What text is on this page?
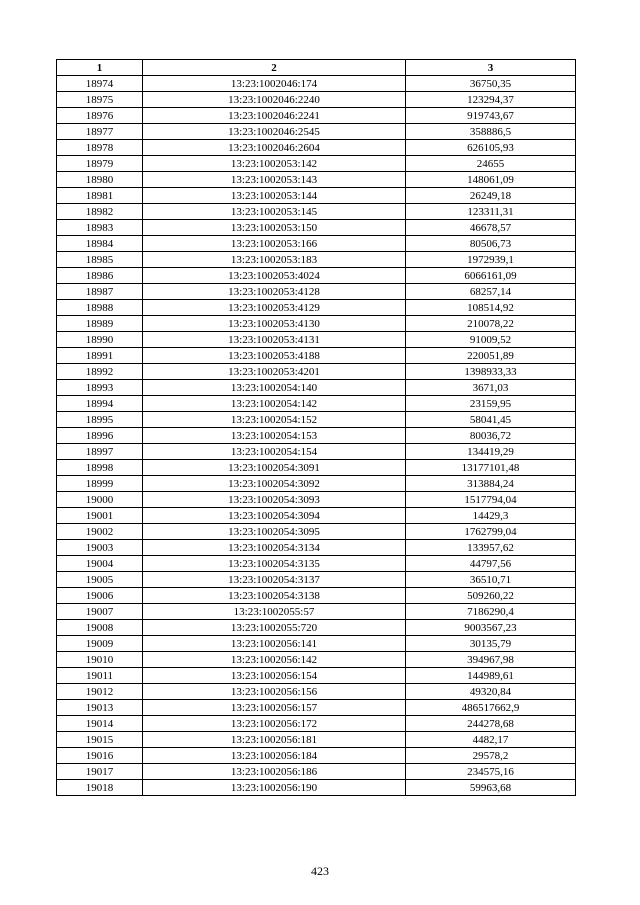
1	2	3
18974	13:23:1002046:174	36750,35
18975	13:23:1002046:2240	123294,37
18976	13:23:1002046:2241	919743,67
18977	13:23:1002046:2545	358886,5
18978	13:23:1002046:2604	626105,93
18979	13:23:1002053:142	24655
18980	13:23:1002053:143	148061,09
18981	13:23:1002053:144	26249,18
18982	13:23:1002053:145	123311,31
18983	13:23:1002053:150	46678,57
18984	13:23:1002053:166	80506,73
18985	13:23:1002053:183	1972939,1
18986	13:23:1002053:4024	6066161,09
18987	13:23:1002053:4128	68257,14
18988	13:23:1002053:4129	108514,92
18989	13:23:1002053:4130	210078,22
18990	13:23:1002053:4131	91009,52
18991	13:23:1002053:4188	220051,89
18992	13:23:1002053:4201	1398933,33
18993	13:23:1002054:140	3671,03
18994	13:23:1002054:142	23159,95
18995	13:23:1002054:152	58041,45
18996	13:23:1002054:153	80036,72
18997	13:23:1002054:154	134419,29
18998	13:23:1002054:3091	13177101,48
18999	13:23:1002054:3092	313884,24
19000	13:23:1002054:3093	1517794,04
19001	13:23:1002054:3094	14429,3
19002	13:23:1002054:3095	1762799,04
19003	13:23:1002054:3134	133957,62
19004	13:23:1002054:3135	44797,56
19005	13:23:1002054:3137	36510,71
19006	13:23:1002054:3138	509260,22
19007	13:23:1002055:57	7186290,4
19008	13:23:1002055:720	9003567,23
19009	13:23:1002056:141	30135,79
19010	13:23:1002056:142	394967,98
19011	13:23:1002056:154	144989,61
19012	13:23:1002056:156	49320,84
19013	13:23:1002056:157	486517662,9
19014	13:23:1002056:172	244278,68
19015	13:23:1002056:181	4482,17
19016	13:23:1002056:184	29578,2
19017	13:23:1002056:186	234575,16
19018	13:23:1002056:190	59963,68
423
